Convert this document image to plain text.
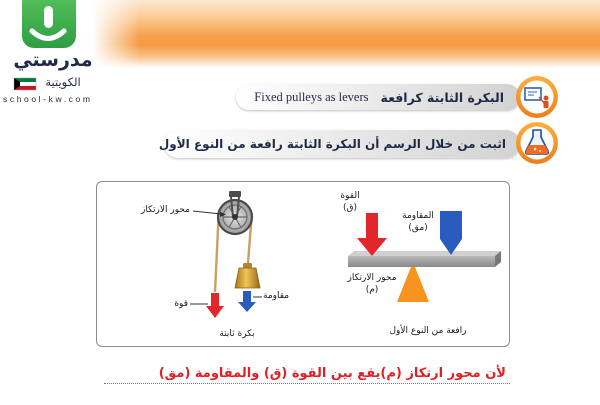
البكرة الثابتة كرافعة
Fixed pulleys as levers
اثبت من خلال الرسم أن البكرة الثابتة رافعة من النوع الأول
مدرستي
الكويتية
school-kw.com
محور الارتكاز
قوة
مقاومة
بكرة ثابتة
القوة
(ق)
المقاومة
(مق)
محور الارتكاز
(م)
رافعة من النوع الأول
لأن محور ارتكاز (م)يقع بين القوة (ق) والمقاومة (مق)
